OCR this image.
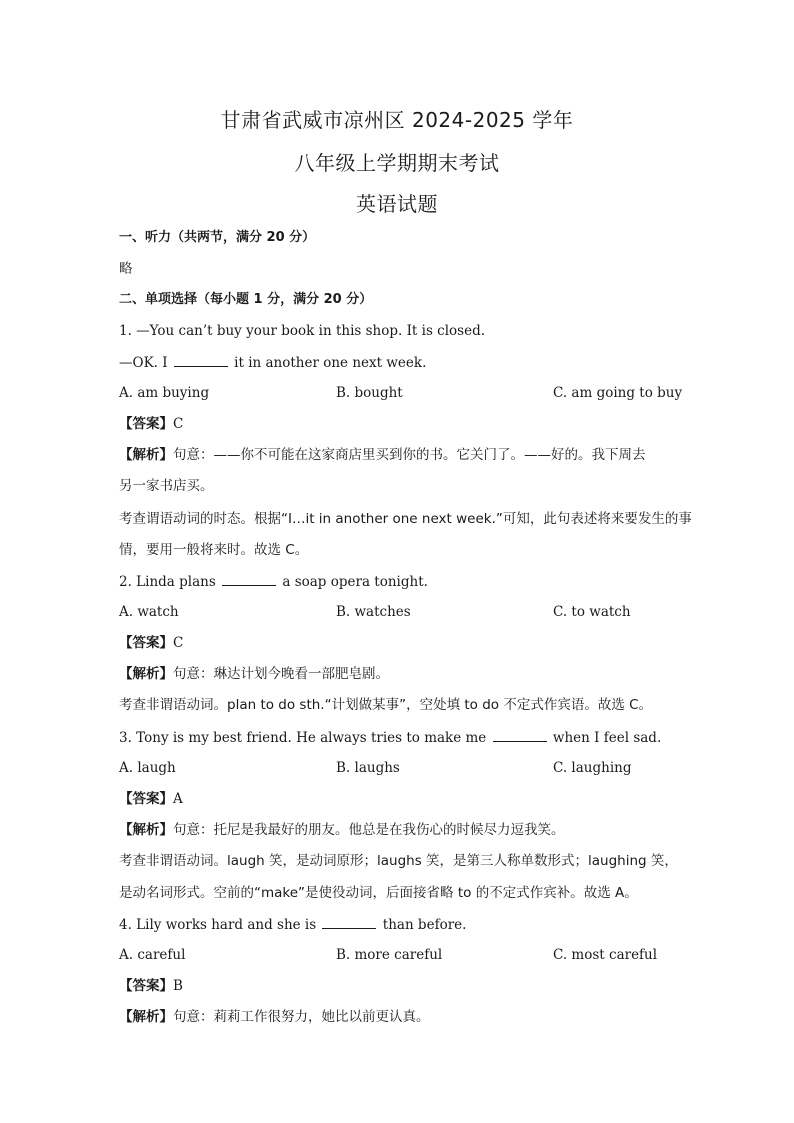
甘肃省武威市凉州区 2024-2025 学年
八年级上学期期末考试
英语试题
一、听力（共两节，满分 20 分）
略
二、单项选择（每小题 1 分，满分 20 分）
1. —You can’t buy your book in this shop. It is closed.
—OK. I	it in another one next week.
A. am buying	B. bought	C. am going to buy
【答案】C
【解析】句意：——你不可能在这家商店里买到你的书。它关门了。——好的。我下周去
另一家书店买。
考查谓语动词的时态。根据“I…it in another one next week.”可知，此句表述将来要发生的事
情，要用一般将来时。故选 C。
2. Linda plans	a soap opera tonight.
A. watch	B. watches	C. to watch
【答案】C
【解析】句意：琳达计划今晚看一部肥皂剧。
考查非谓语动词。plan to do sth.“计划做某事”，空处填 to do 不定式作宾语。故选 C。
3. Tony is my best friend. He always tries to make me	when I feel sad.
A. laugh	B. laughs	C. laughing
【答案】A
【解析】句意：托尼是我最好的朋友。他总是在我伤心的时候尽力逗我笑。
考查非谓语动词。laugh 笑，是动词原形；laughs 笑，是第三人称单数形式；laughing 笑，
是动名词形式。空前的“make”是使役动词，后面接省略 to 的不定式作宾补。故选 A。
4. Lily works hard and she is	than before.
A. careful	B. more careful	C. most careful
【答案】B
【解析】句意：莉莉工作很努力，她比以前更认真。
